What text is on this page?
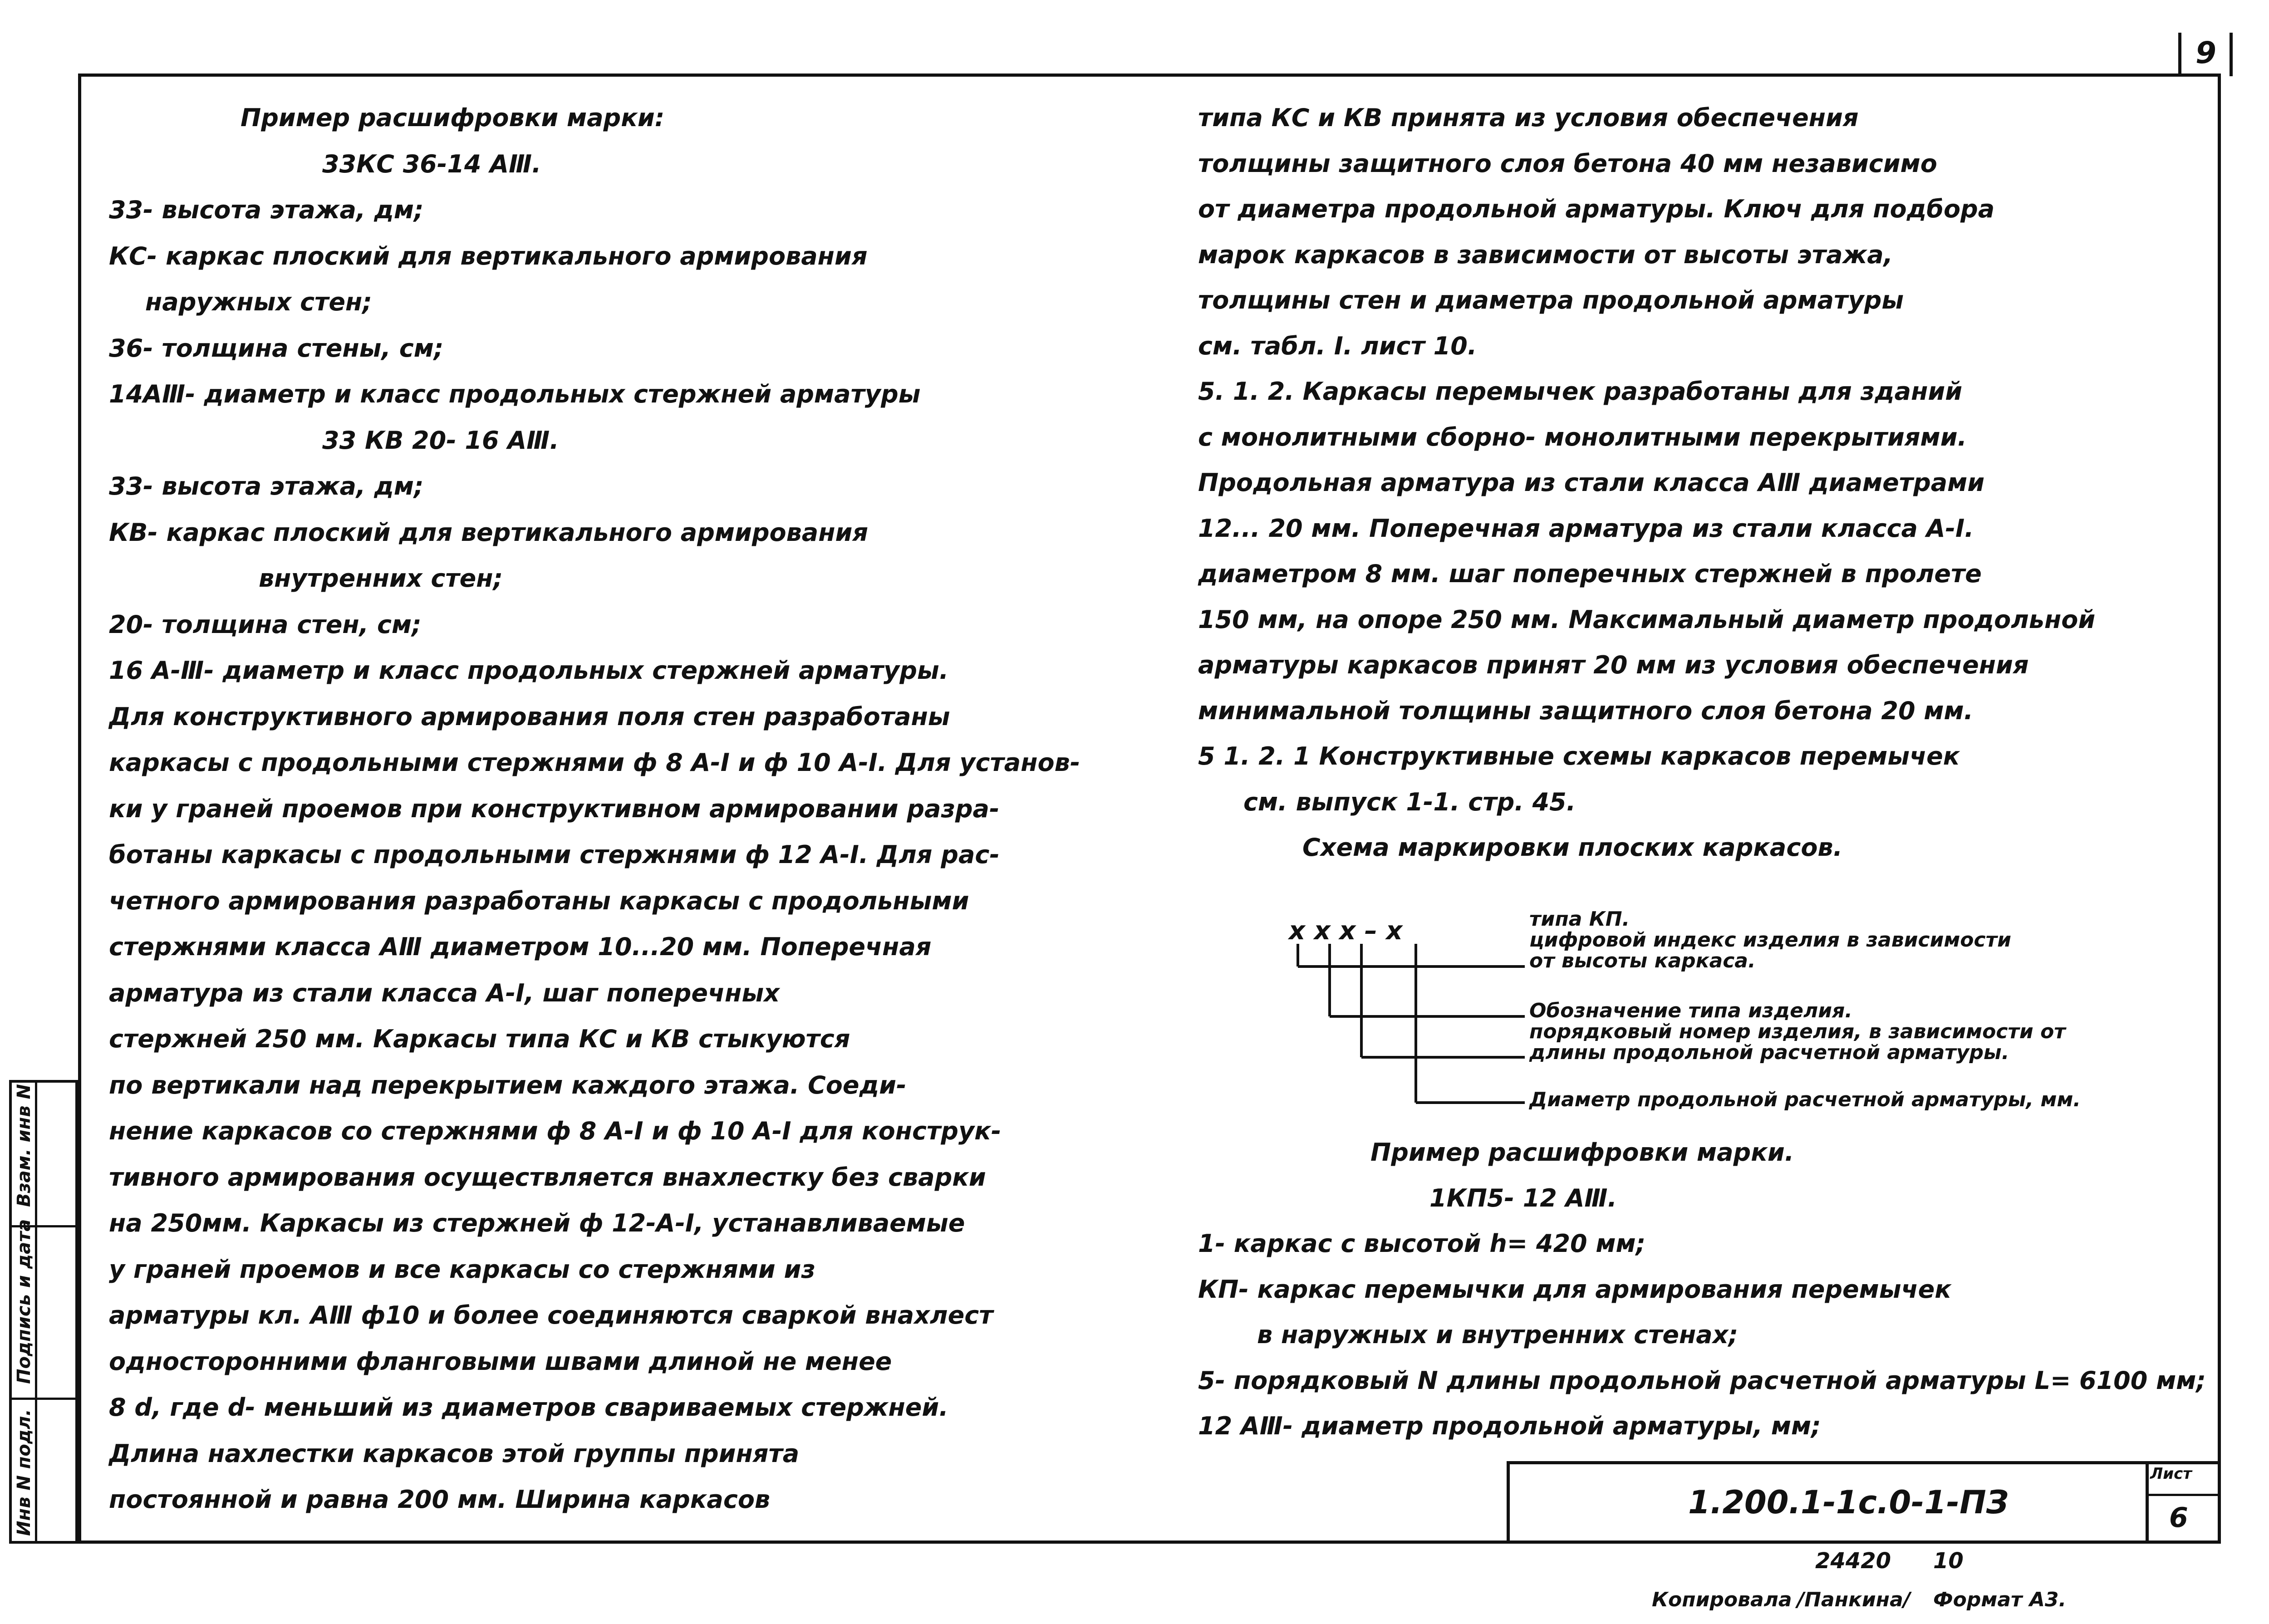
9
Пример расшифровки марки:
33КС 36-14 АⅢ.
33- высота этажа, дм;
КС- каркас плоский для вертикального армирования
наружных стен;
36- толщина стены, см;
14АⅢ- диаметр и класс продольных стержней арматуры
33 КВ 20- 16 АⅢ.
33- высота этажа, дм;
КВ- каркас плоский для вертикального армирования
внутренних стен;
20- толщина стен, см;
16 А-Ⅲ- диаметр и класс продольных стержней арматуры.
Для конструктивного армирования поля стен разработаны
каркасы с продольными стержнями ф 8 А-I и ф 10 А-I. Для установ-
ки у граней проемов при конструктивном армировании разра-
ботаны каркасы с продольными стержнями ф 12 А-I. Для рас-
четного армирования разработаны каркасы с продольными
стержнями класса АⅢ диаметром 10...20 мм. Поперечная
арматура из стали класса А-I, шаг поперечных
стержней 250 мм. Каркасы типа КС и КВ стыкуются
по вертикали над перекрытием каждого этажа. Соеди-
нение каркасов со стержнями ф 8 А-I и ф 10 А-I для конструк-
тивного армирования осуществляется внахлестку без сварки
на 250мм. Каркасы из стержней ф 12-А-I, устанавливаемые
у граней проемов и все каркасы со стержнями из
арматуры кл. АⅢ ф10 и более соединяются сваркой внахлест
односторонними фланговыми швами длиной не менее
8 d, где d- меньший из диаметров свариваемых стержней.
Длина нахлестки каркасов этой группы принята
постоянной и равна 200 мм. Ширина каркасов
типа КС и КВ принята из условия обеспечения
толщины защитного слоя бетона 40 мм независимо
от диаметра продольной арматуры. Ключ для подбора
марок каркасов в зависимости от высоты этажа,
толщины стен и диаметра продольной арматуры
см. табл. I. лист 10.
5. 1. 2. Каркасы перемычек разработаны для зданий
с монолитными сборно- монолитными перекрытиями.
Продольная арматура из стали класса АⅢ диаметрами
12... 20 мм. Поперечная арматура из стали класса А-I.
диаметром 8 мм. шаг поперечных стержней в пролете
150 мм, на опоре 250 мм. Максимальный диаметр продольной
арматуры каркасов принят 20 мм из условия обеспечения
минимальной толщины защитного слоя бетона 20 мм.
5 1. 2. 1 Конструктивные схемы каркасов перемычек
см. выпуск 1-1. стр. 45.
Схема маркировки плоских каркасов.
х х х – х	типа КП.
цифровой индекс изделия в зависимости
от высоты каркаса.
Обозначение типа изделия.
порядковый номер изделия, в зависимости от
длины продольной расчетной арматуры.
Диаметр продольной расчетной арматуры, мм.
Пример расшифровки марки.
1КП5- 12 АⅢ.
1- каркас с высотой h= 420 мм;
КП- каркас перемычки для армирования перемычек
в наружных и внутренних стенах;
5- порядковый N длины продольной расчетной арматуры L= 6100 мм;
12 АⅢ- диаметр продольной арматуры, мм;
Взам. инв N
Подпись и дата
Инв N подл.	1.200.1-1с.0-1-ПЗ
Лист
6
24420 10
Копировала /Панкина/ Формат А3.
